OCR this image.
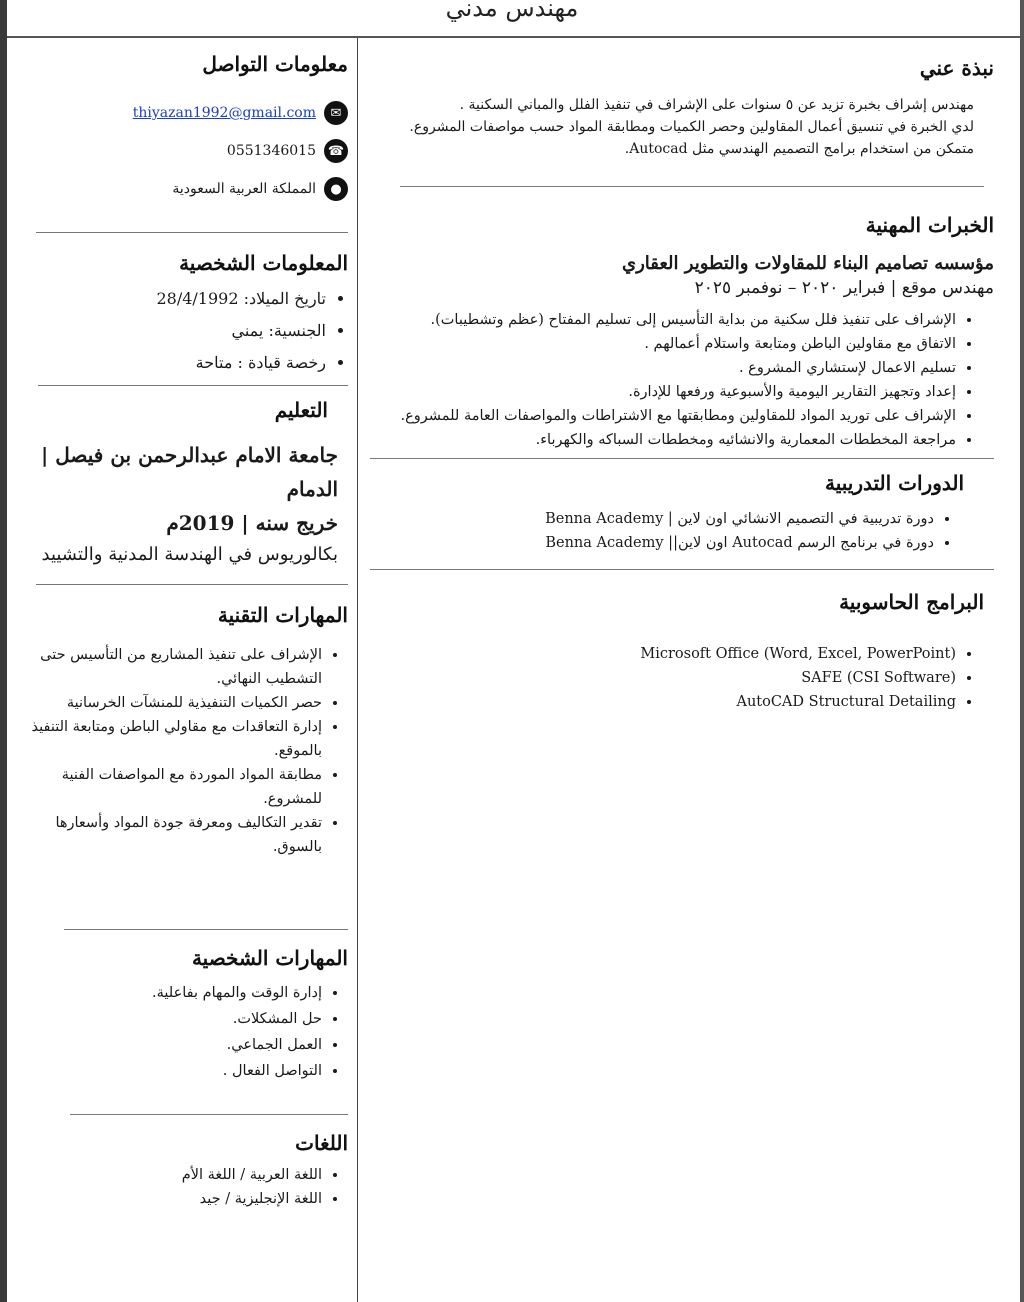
مهندس مدني
نبذة عني

مهندس إشراف بخبرة تزيد عن ٥ سنوات على الإشراف في تنفيذ الفلل والمباني السكنية .

لدي الخبرة في تنسيق أعمال المقاولين وحصر الكميات ومطابقة المواد حسب مواصفات المشروع.

متمكن من استخدام برامج التصميم الهندسي مثل Autocad.

الخبرات المهنية
مؤسسه تصاميم البناء للمقاولات والتطوير العقاري
مهندس موقع | فبراير ٢٠٢٠ – نوفمبر ٢٠٢٥
• الإشراف على تنفيذ فلل سكنية من بداية التأسيس إلى تسليم المفتاح (عظم وتشطيبات).
• الاتفاق مع مقاولين الباطن ومتابعة واستلام أعمالهم .
• تسليم الاعمال لإستشاري المشروع .
• إعداد وتجهيز التقارير اليومية والأسبوعية ورفعها للإدارة.
• الإشراف على توريد المواد للمقاولين ومطابقتها مع الاشتراطات والمواصفات العامة للمشروع.
• مراجعة المخططات المعمارية والانشائيه ومخططات السباكه والكهرباء.
الدورات التدريبية
• دورة تدريبية في التصميم الانشائي اون لاين | Benna Academy
• دورة في برنامج الرسم Autocad اون لاين|| Benna Academy
البرامج الحاسوبية
• Microsoft Office (Word, Excel, PowerPoint)
• SAFE (CSI Software)
• AutoCAD Structural Detailing
معلومات التواصل
✉
thiyazan1992@gmail.com
☎
0551346015
●
المملكة العربية السعودية
المعلومات الشخصية
• تاريخ الميلاد: 28/4/1992
• الجنسية: يمني
• رخصة قيادة : متاحة
التعليم
جامعة الامام عبدالرحمن بن فيصل | الدمام
خريج سنه | 2019م
بكالوريوس في الهندسة المدنية والتشييد
المهارات التقنية
• الإشراف على تنفيذ المشاريع من التأسيس حتى التشطيب النهائي.
• حصر الكميات التنفيذية للمنشآت الخرسانية
• إدارة التعاقدات مع مقاولي الباطن ومتابعة التنفيذ بالموقع.
• مطابقة المواد الموردة مع المواصفات الفنية للمشروع.
• تقدير التكاليف ومعرفة جودة المواد وأسعارها بالسوق.
المهارات الشخصية
• إدارة الوقت والمهام بفاعلية.
• حل المشكلات.
• العمل الجماعي.
• التواصل الفعال .
اللغات
• اللغة العربية / اللغة الأم
• اللغة الإنجليزية / جيد
